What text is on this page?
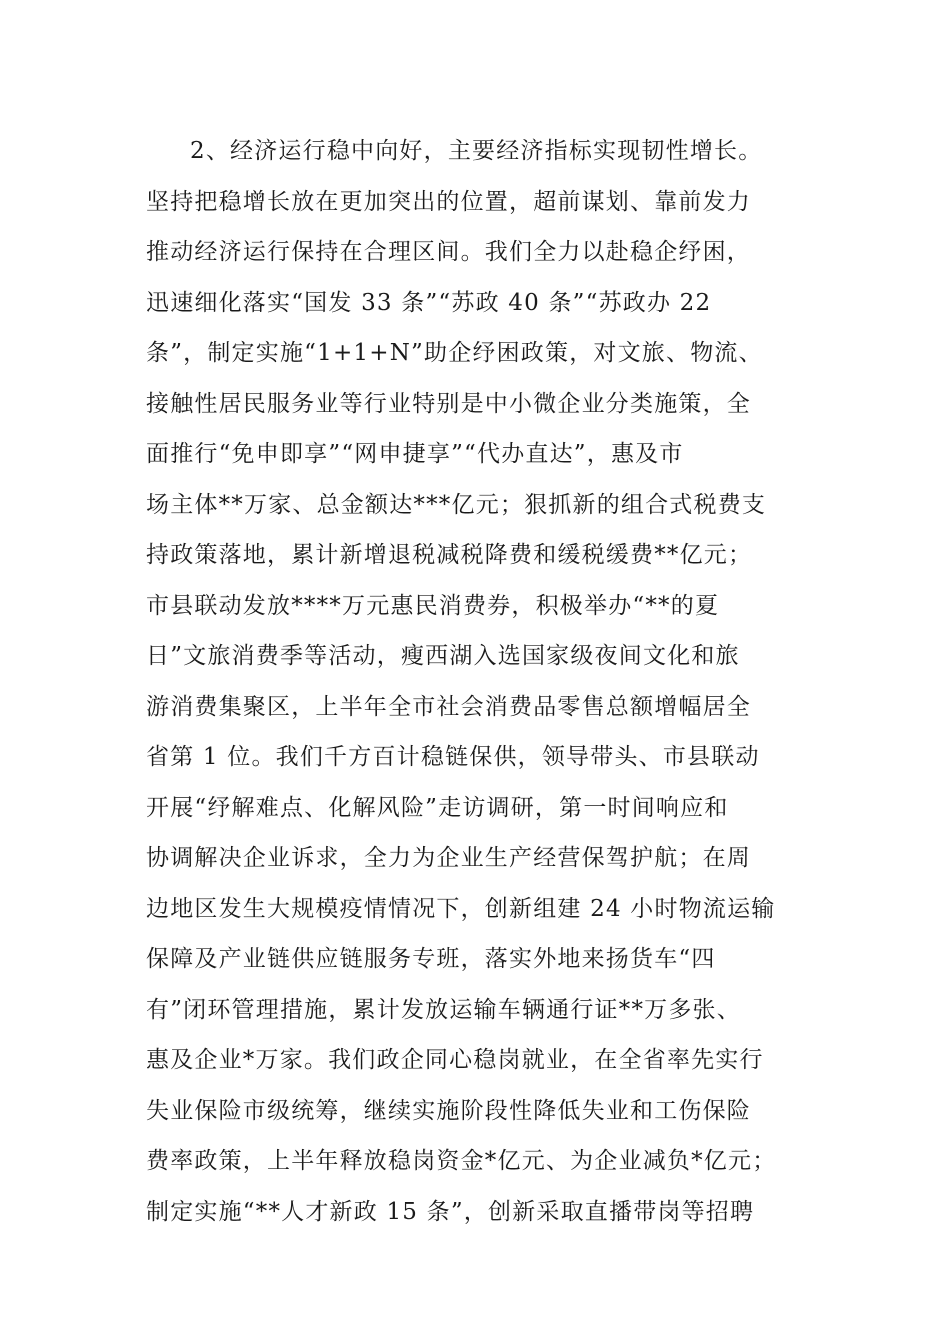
2、经济运行稳中向好，主要经济指标实现韧性增长。
坚持把稳增长放在更加突出的位置，超前谋划、靠前发力
推动经济运行保持在合理区间。我们全力以赴稳企纾困，
迅速细化落实“国发 33 条”“苏政 40 条”“苏政办 22
条”，制定实施“1+1+N”助企纾困政策，对文旅、物流、
接触性居民服务业等行业特别是中小微企业分类施策，全
面推行“免申即享”“网申捷享”“代办直达”，惠及市
场主体**万家、总金额达***亿元；狠抓新的组合式税费支
持政策落地，累计新增退税减税降费和缓税缓费**亿元；
市县联动发放****万元惠民消费券，积极举办“**的夏
日”文旅消费季等活动，瘦西湖入选国家级夜间文化和旅
游消费集聚区，上半年全市社会消费品零售总额增幅居全
省第 1 位。我们千方百计稳链保供，领导带头、市县联动
开展“纾解难点、化解风险”走访调研，第一时间响应和
协调解决企业诉求，全力为企业生产经营保驾护航；在周
边地区发生大规模疫情情况下，创新组建 24 小时物流运输
保障及产业链供应链服务专班，落实外地来扬货车“四
有”闭环管理措施，累计发放运输车辆通行证**万多张、
惠及企业*万家。我们政企同心稳岗就业，在全省率先实行
失业保险市级统筹，继续实施阶段性降低失业和工伤保险
费率政策，上半年释放稳岗资金*亿元、为企业减负*亿元；
制定实施“**人才新政 15 条”，创新采取直播带岗等招聘
